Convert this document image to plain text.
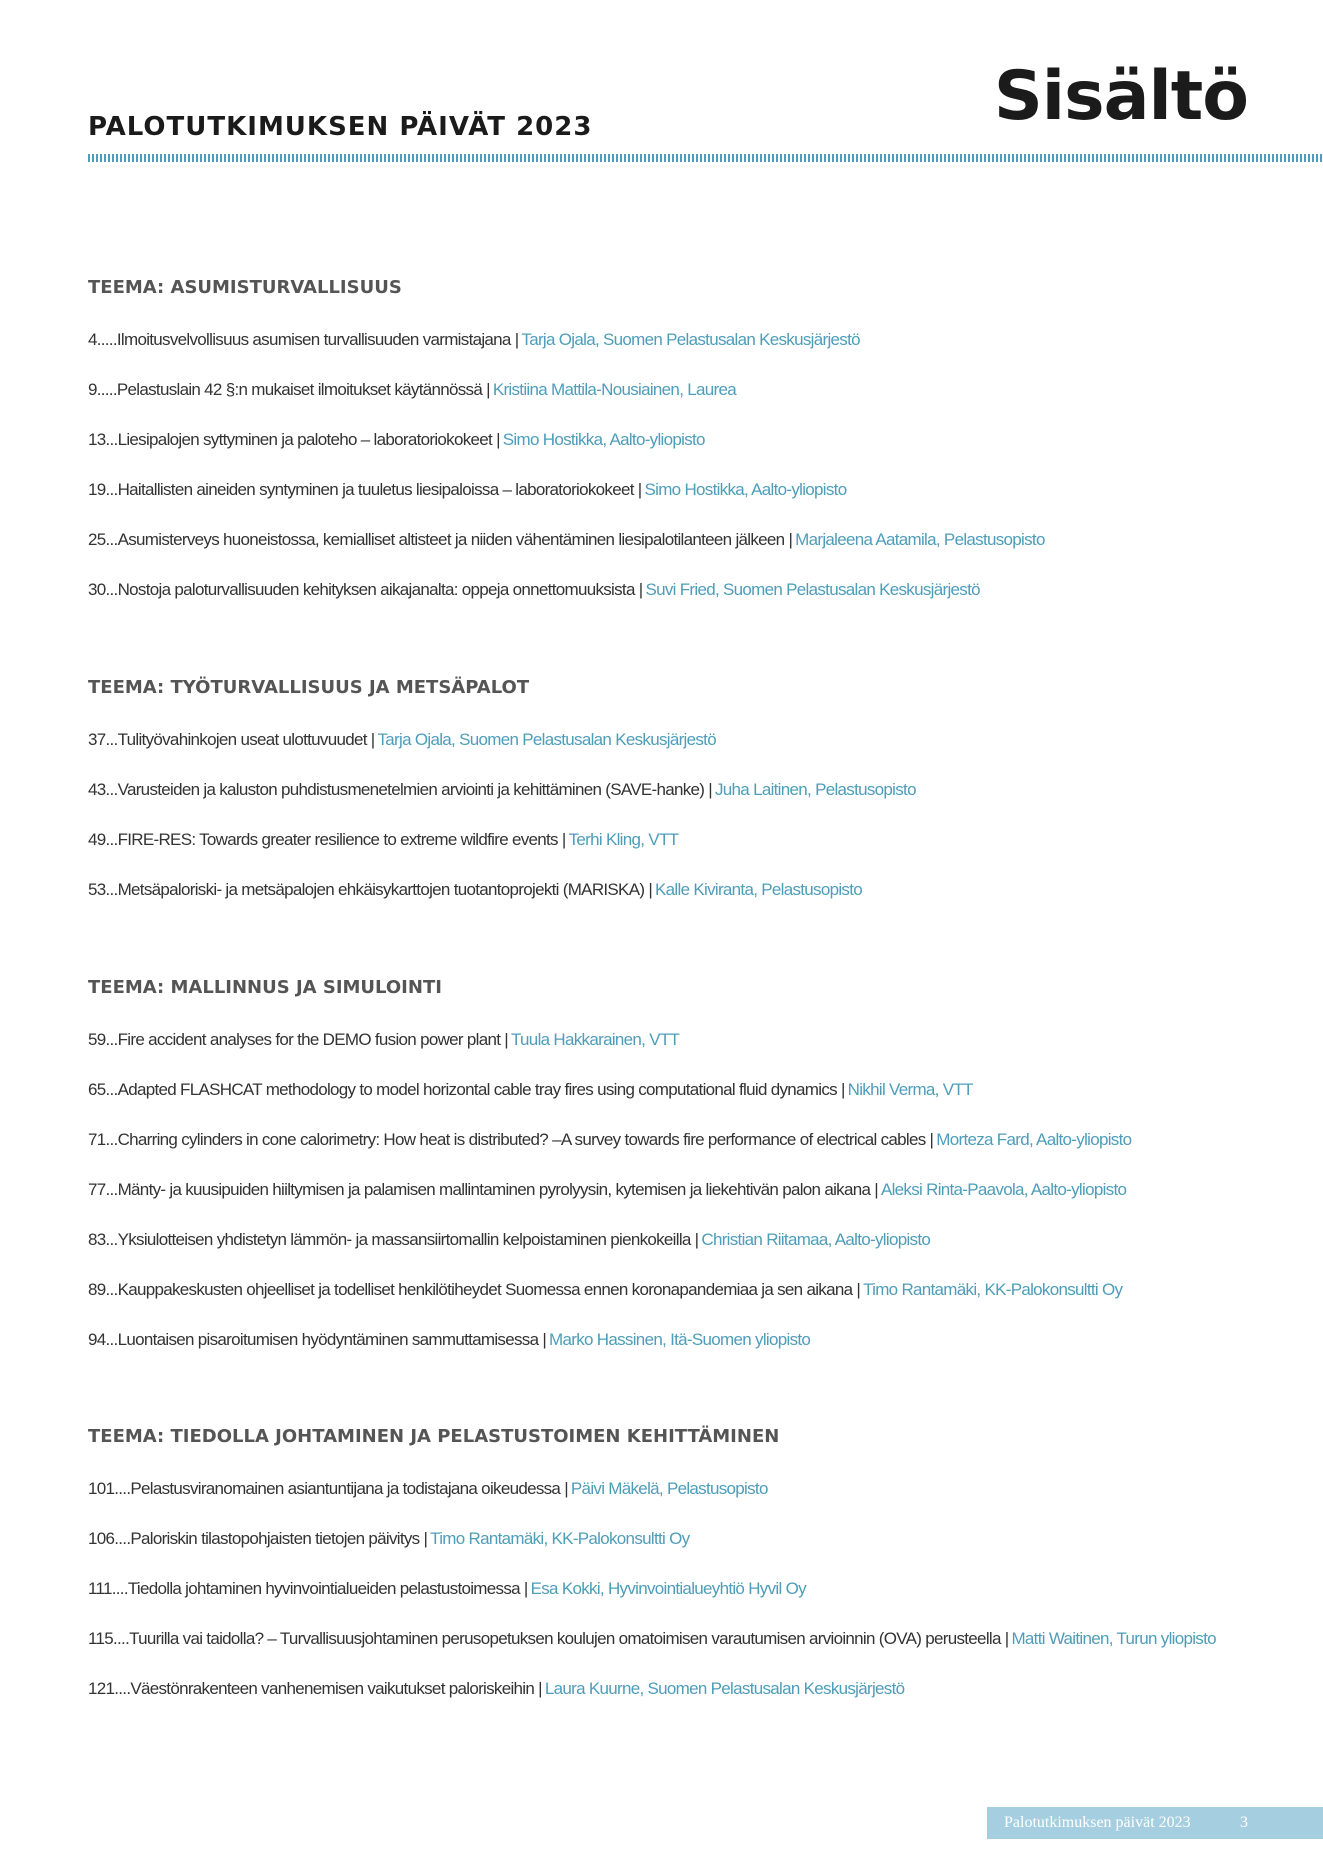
PALOTUTKIMUKSEN PÄIVÄT 2023	Sisältö
TEEMA: ASUMISTURVALLISUUS
4.....Ilmoitusvelvollisuus asumisen turvallisuuden varmistajana | Tarja Ojala, Suomen Pelastusalan Keskusjärjestö
9.....Pelastuslain 42 §:n mukaiset ilmoitukset käytännössä | Kristiina Mattila-Nousiainen, Laurea
13...Liesipalojen syttyminen ja paloteho – laboratoriokokeet | Simo Hostikka, Aalto-yliopisto
19...Haitallisten aineiden syntyminen ja tuuletus liesipaloissa – laboratoriokokeet | Simo Hostikka, Aalto-yliopisto
25...Asumisterveys huoneistossa, kemialliset altisteet ja niiden vähentäminen liesipalotilanteen jälkeen | Marjaleena Aatamila, Pelastusopisto
30...Nostoja paloturvallisuuden kehityksen aikajanalta: oppeja onnettomuuksista | Suvi Fried, Suomen Pelastusalan Keskusjärjestö
TEEMA: TYÖTURVALLISUUS JA METSÄPALOT
37...Tulityövahinkojen useat ulottuvuudet | Tarja Ojala, Suomen Pelastusalan Keskusjärjestö
43...Varusteiden ja kaluston puhdistusmenetelmien arviointi ja kehittäminen (SAVE-hanke) | Juha Laitinen, Pelastusopisto
49...FIRE-RES: Towards greater resilience to extreme wildfire events | Terhi Kling, VTT
53...Metsäpaloriski- ja metsäpalojen ehkäisykarttojen tuotantoprojekti (MARISKA) | Kalle Kiviranta, Pelastusopisto
TEEMA: MALLINNUS JA SIMULOINTI
59...Fire accident analyses for the DEMO fusion power plant | Tuula Hakkarainen, VTT
65...Adapted FLASHCAT methodology to model horizontal cable tray fires using computational fluid dynamics | Nikhil Verma, VTT
71...Charring cylinders in cone calorimetry: How heat is distributed? –A survey towards fire performance of electrical cables | Morteza Fard, Aalto-yliopisto
77...Mänty- ja kuusipuiden hiiltymisen ja palamisen mallintaminen pyrolyysin, kytemisen ja liekehtivän palon aikana | Aleksi Rinta-Paavola, Aalto-yliopisto
83...Yksiulotteisen yhdistetyn lämmön- ja massansiirtomallin kelpoistaminen pienkokeilla | Christian Riitamaa, Aalto-yliopisto
89...Kauppakeskusten ohjeelliset ja todelliset henkilötiheydet Suomessa ennen koronapandemiaa ja sen aikana | Timo Rantamäki, KK-Palokonsultti Oy
94...Luontaisen pisaroitumisen hyödyntäminen sammuttamisessa | Marko Hassinen, Itä-Suomen yliopisto
TEEMA: TIEDOLLA JOHTAMINEN JA PELASTUSTOIMEN KEHITTÄMINEN
101....Pelastusviranomainen asiantuntijana ja todistajana oikeudessa | Päivi Mäkelä, Pelastusopisto
106....Paloriskin tilastopohjaisten tietojen päivitys | Timo Rantamäki, KK-Palokonsultti Oy
111....Tiedolla johtaminen hyvinvointialueiden pelastustoimessa | Esa Kokki, Hyvinvointialueyhtiö Hyvil Oy
115....Tuurilla vai taidolla? – Turvallisuusjohtaminen perusopetuksen koulujen omatoimisen varautumisen arvioinnin (OVA) perusteella | Matti Waitinen, Turun yliopisto
121....Väestönrakenteen vanhenemisen vaikutukset paloriskeihin | Laura Kuurne, Suomen Pelastusalan Keskusjärjestö
Palotutkimuksen päivät 2023	3
